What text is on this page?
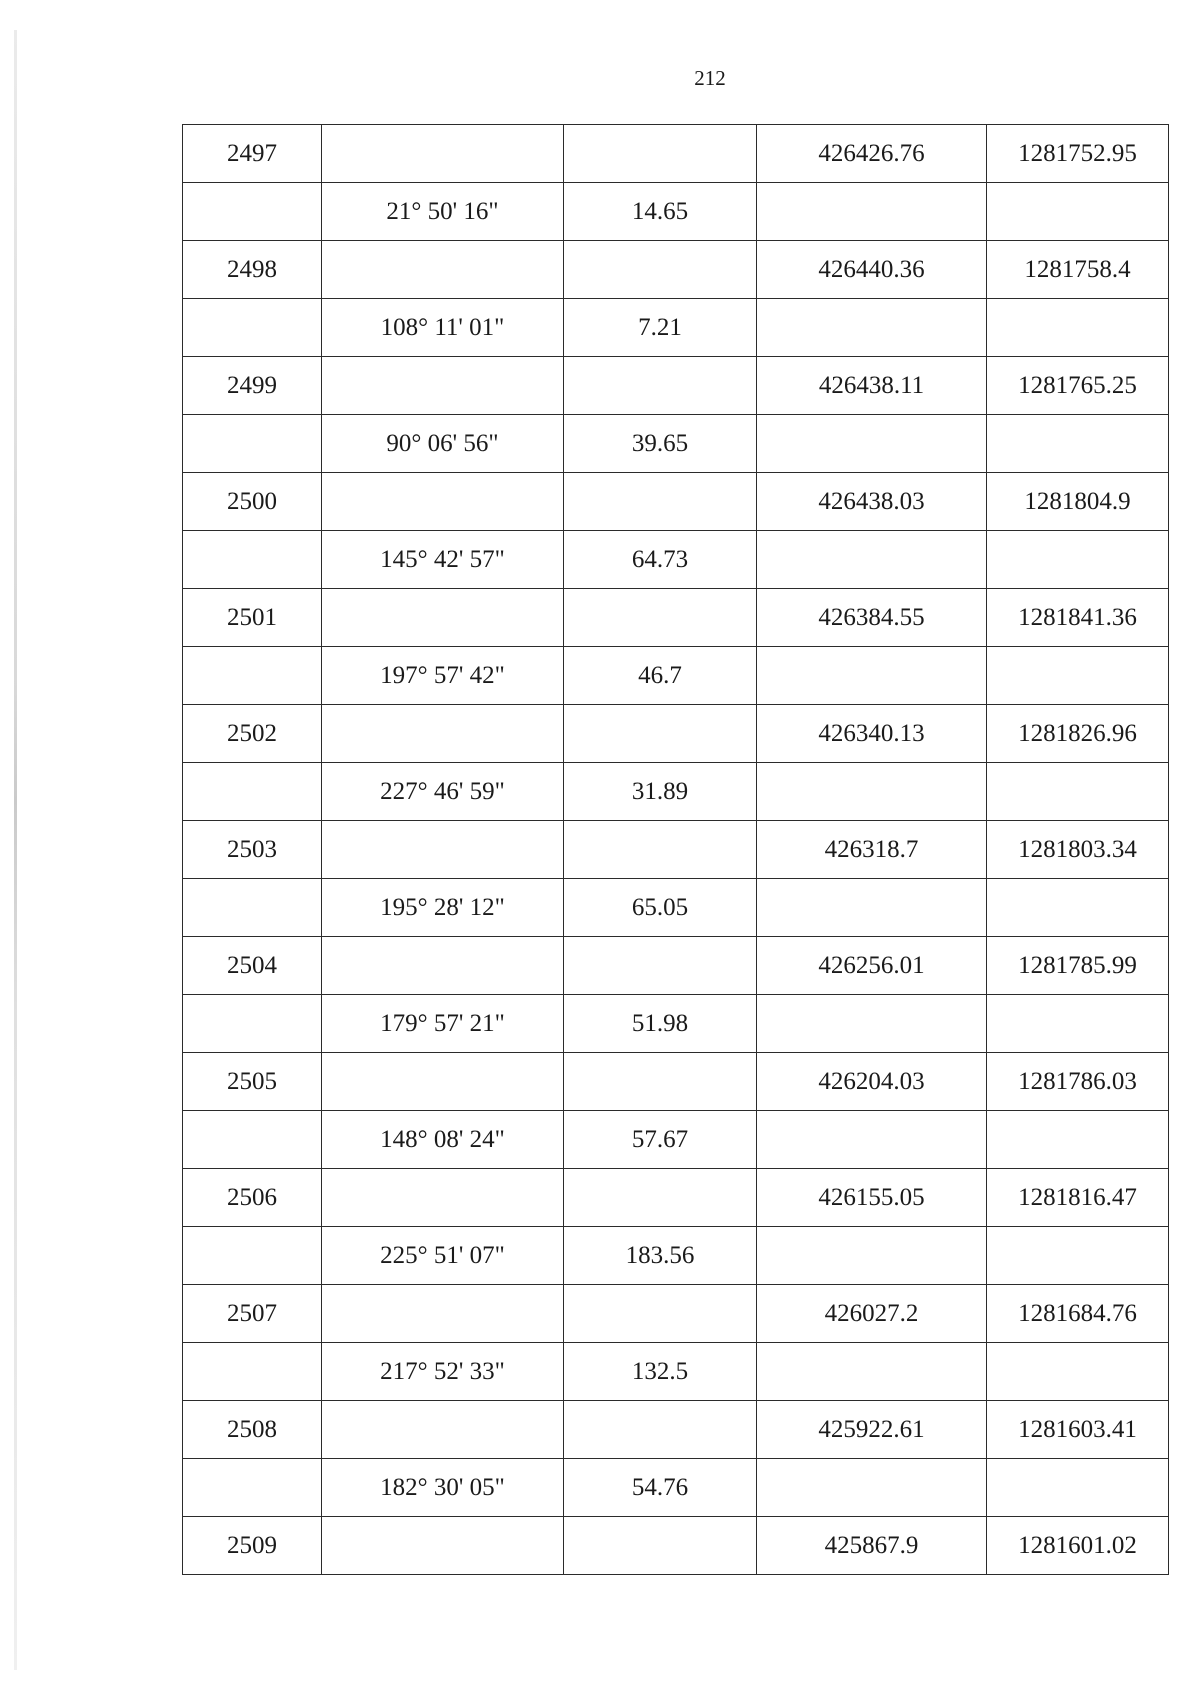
212
2497			426426.76	1281752.95
	21° 50' 16"	14.65		
2498			426440.36	1281758.4
	108° 11' 01"	7.21		
2499			426438.11	1281765.25
	90° 06' 56"	39.65		
2500			426438.03	1281804.9
	145° 42' 57"	64.73		
2501			426384.55	1281841.36
	197° 57' 42"	46.7		
2502			426340.13	1281826.96
	227° 46' 59"	31.89		
2503			426318.7	1281803.34
	195° 28' 12"	65.05		
2504			426256.01	1281785.99
	179° 57' 21"	51.98		
2505			426204.03	1281786.03
	148° 08' 24"	57.67		
2506			426155.05	1281816.47
	225° 51' 07"	183.56		
2507			426027.2	1281684.76
	217° 52' 33"	132.5		
2508			425922.61	1281603.41
	182° 30' 05"	54.76		
2509			425867.9	1281601.02
